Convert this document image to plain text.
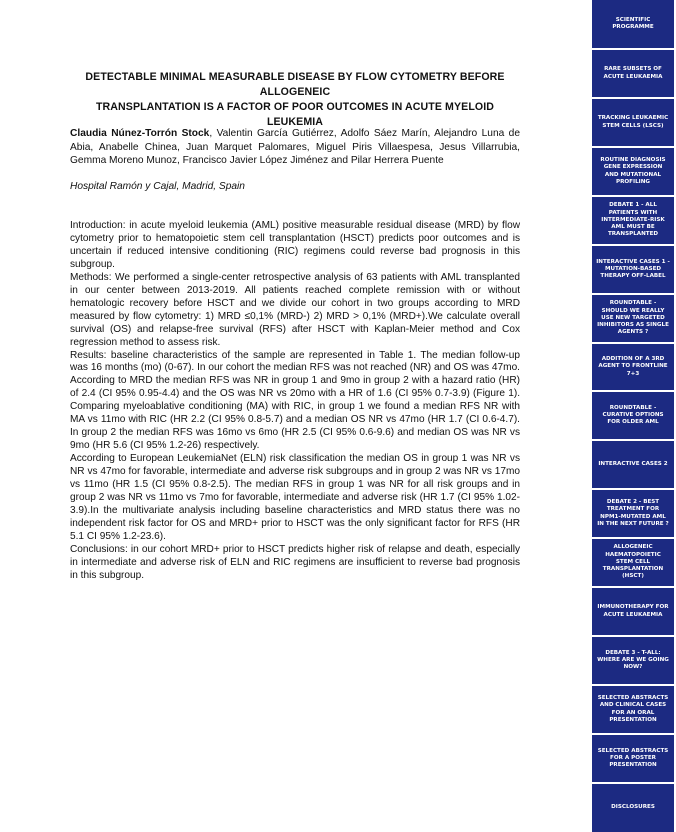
DETECTABLE MINIMAL MEASURABLE DISEASE BY FLOW CYTOMETRY BEFORE ALLOGENEIC
TRANSPLANTATION IS A FACTOR OF POOR OUTCOMES IN ACUTE MYELOID LEUKEMIA
Claudia Núnez-Torrón Stock, Valentin García Gutiérrez, Adolfo Sáez Marín, Alejandro Luna de Abia, Anabelle Chinea, Juan Marquet Palomares, Miguel Piris Villaespesa, Jesus Villarrubia, Gemma Moreno Munoz, Francisco Javier López Jiménez and Pilar Herrera Puente
Hospital Ramón y Cajal, Madrid, Spain

Introduction: in acute myeloid leukemia (AML) positive measurable residual disease (MRD) by flow cytometry prior to hematopoietic stem cell transplantation (HSCT) predicts poor outcomes and is uncertain if reduced intensive conditioning (RIC) regimens could reverse bad prognosis in this subgroup.

Methods: We performed a single-center retrospective analysis of 63 patients with AML transplanted in our center between 2013-2019. All patients reached complete remission with or without hematologic recovery before HSCT and we divide our cohort in two groups according to MRD measured by flow cytometry: 1) MRD ≤0,1% (MRD-) 2) MRD > 0,1% (MRD+).We calculate overall survival (OS) and relapse-free survival (RFS) after HSCT with Kaplan-Meier method and Cox regression method to assess risk.

Results: baseline characteristics of the sample are represented in Table 1. The median follow-up was 16 months (mo) (0-67). In our cohort the median RFS was not reached (NR) and OS was 47mo. According to MRD the median RFS was NR in group 1 and 9mo in group 2 with a hazard ratio (HR) of 2.4 (CI 95% 0.95-4.4) and the OS was NR vs 20mo with a HR of 1.6 (CI 95% 0.7-3.9) (Figure 1). Comparing myeloablative conditioning (MA) with RIC, in group 1 we found a median RFS NR with MA vs 11mo with RIC (HR 2.2 (CI 95% 0.8-5.7) and a median OS NR vs 47mo (HR 1.7 (CI 0.6-4.7). In group 2 the median RFS was 16mo vs 6mo (HR 2.5 (CI 95% 0.6-9.6) and median OS was NR vs 9mo (HR 5.6 (CI 95% 1.2-26) respectively.

According to European LeukemiaNet (ELN) risk classification the median OS in group 1 was NR vs NR vs 47mo for favorable, intermediate and adverse risk subgroups and in group 2 was NR vs 17mo vs 11mo (HR 1.5 (CI 95% 0.8-2.5). The median RFS in group 1 was NR for all risk groups and in group 2 was NR vs 11mo vs 7mo for favorable, intermediate and adverse risk (HR 1.7 (CI 95% 1.02-3.9).In the multivariate analysis including baseline characteristics and MRD status there was no independent risk factor for OS and MRD+ prior to HSCT was the only significant factor for RFS (HR 5.1 CI 95% 1.2-23.6).

Conclusions: in our cohort MRD+ prior to HSCT predicts higher risk of relapse and death, especially in intermediate and adverse risk of ELN and RIC regimens are insufficient to reverse bad prognosis in this subgroup.

SCIENTIFIC PROGRAMME
RARE SUBSETS OF ACUTE LEUKAEMIA
TRACKING LEUKAEMIC STEM CELLS (LSCS)
ROUTINE DIAGNOSIS GENE EXPRESSION AND MUTATIONAL PROFILING
DEBATE 1 - ALL PATIENTS WITH INTERMEDIATE-RISK AML MUST BE TRANSPLANTED
INTERACTIVE CASES 1 - MUTATION-BASED THERAPY OFF-LABEL
ROUNDTABLE - SHOULD WE REALLY USE NEW TARGETED INHIBITORS AS SINGLE AGENTS ?
ADDITION OF A 3RD AGENT TO FRONTLINE 7+3
ROUNDTABLE - CURATIVE OPTIONS FOR OLDER AML
INTERACTIVE CASES 2
DEBATE 2 - BEST TREATMENT FOR NPM1-MUTATED AML IN THE NEXT FUTURE ?
ALLOGENEIC HAEMATOPOIETIC STEM CELL TRANSPLANTATION (HSCT)
IMMUNOTHERAPY FOR ACUTE LEUKAEMIA
DEBATE 3 - T-ALL: WHERE ARE WE GOING NOW?
SELECTED ABSTRACTS AND CLINICAL CASES FOR AN ORAL PRESENTATION
SELECTED ABSTRACTS FOR A POSTER PRESENTATION
DISCLOSURES
